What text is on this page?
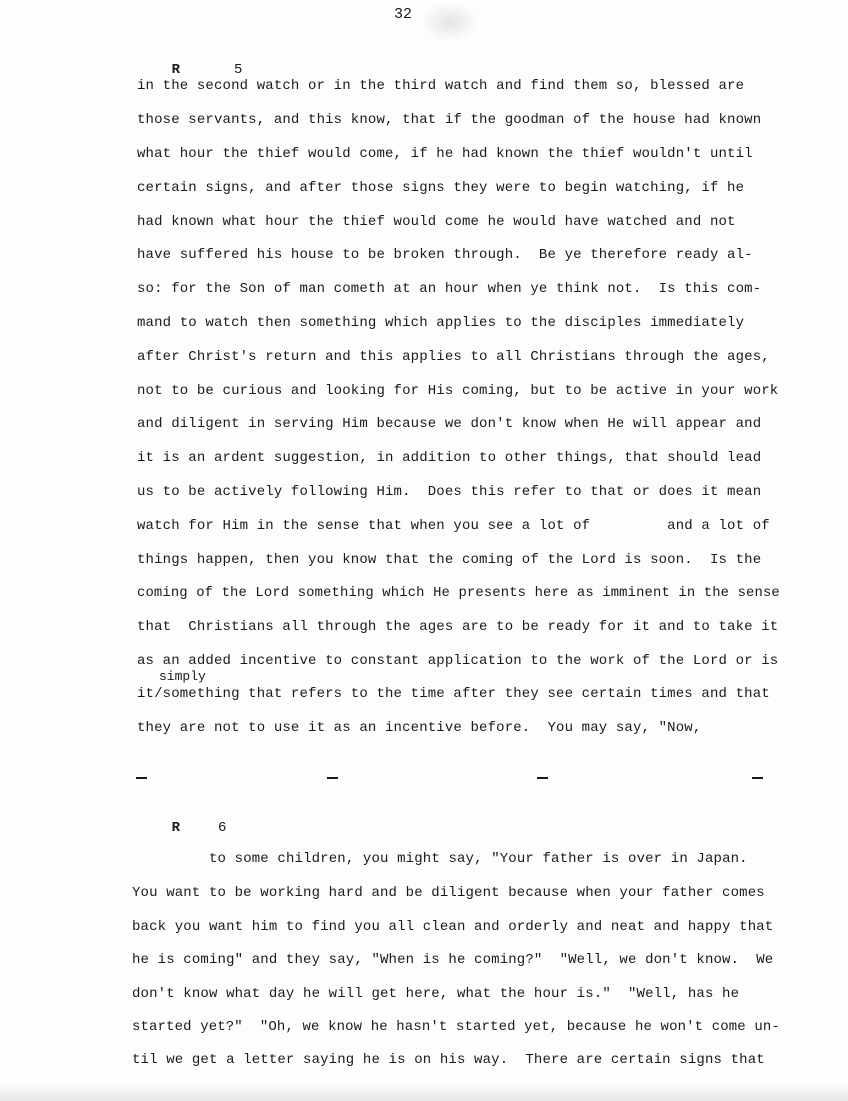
32

R	5

in the second watch or in the third watch and find them so, blessed are
those servants, and this know, that if the goodman of the house had known
what hour the thief would come, if he had known the thief wouldn't until
certain signs, and after those signs they were to begin watching, if he
had known what hour the thief would come he would have watched and not
have suffered his house to be broken through.  Be ye therefore ready al-
so: for the Son of man cometh at an hour when ye think not.  Is this com-
mand to watch then something which applies to the disciples immediately
after Christ's return and this applies to all Christians through the ages,
not to be curious and looking for His coming, but to be active in your work
and diligent in serving Him because we don't know when He will appear and
it is an ardent suggestion, in addition to other things, that should lead
us to be actively following Him.  Does this refer to that or does it mean
watch for Him in the sense that when you see a lot of         and a lot of
things happen, then you know that the coming of the Lord is soon.  Is the
coming of the Lord something which He presents here as imminent in the sense
that  Christians all through the ages are to be ready for it and to take it
as an added incentive to constant application to the work of the Lord or is
simply
it/something that refers to the time after they see certain times and that
they are not to use it as an incentive before.  You may say, "Now,

R	6

to some children, you might say, "Your father is over in Japan.
You want to be working hard and be diligent because when your father comes
back you want him to find you all clean and orderly and neat and happy that
he is coming" and they say, "When is he coming?"  "Well, we don't know.  We
don't know what day he will get here, what the hour is."  "Well, has he
started yet?"  "Oh, we know he hasn't started yet, because he won't come un-
til we get a letter saying he is on his way.  There are certain signs that
